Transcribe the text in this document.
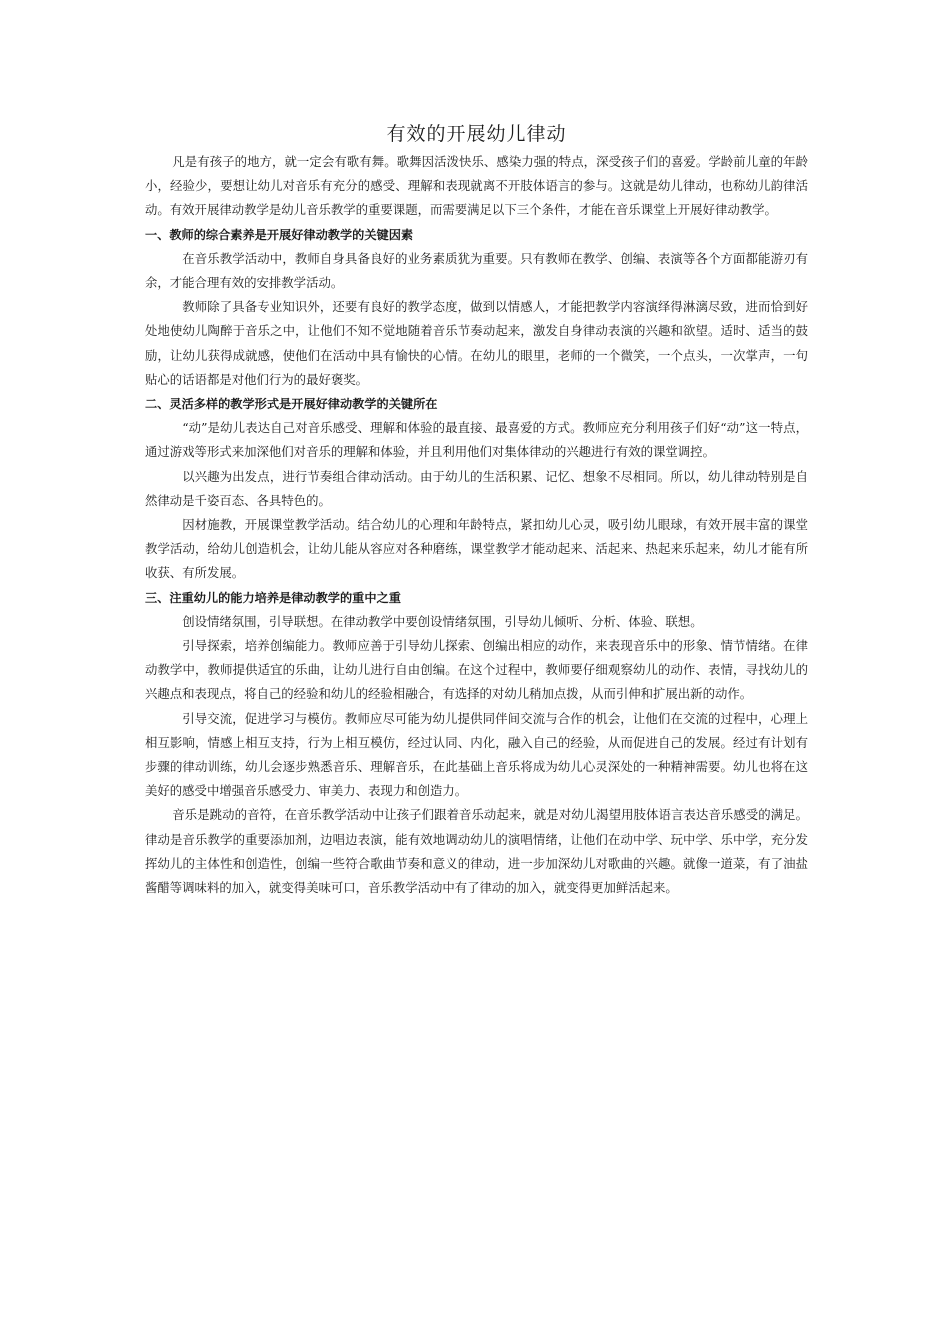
有效的开展幼儿律动

凡是有孩子的地方，就一定会有歌有舞。歌舞因活泼快乐、感染力强的特点，深受孩子们的喜爱。学龄前儿童的年龄小，经验少，要想让幼儿对音乐有充分的感受、理解和表现就离不开肢体语言的参与。这就是幼儿律动，也称幼儿韵律活动。有效开展律动教学是幼儿音乐教学的重要课题，而需要满足以下三个条件，才能在音乐课堂上开展好律动教学。

一、教师的综合素养是开展好律动教学的关键因素

在音乐教学活动中，教师自身具备良好的业务素质犹为重要。只有教师在教学、创编、表演等各个方面都能游刃有余，才能合理有效的安排教学活动。

教师除了具备专业知识外，还要有良好的教学态度，做到以情感人，才能把教学内容演绎得淋漓尽致，进而恰到好处地使幼儿陶醉于音乐之中，让他们不知不觉地随着音乐节奏动起来，激发自身律动表演的兴趣和欲望。适时、适当的鼓励，让幼儿获得成就感，使他们在活动中具有愉快的心情。在幼儿的眼里，老师的一个微笑，一个点头，一次掌声，一句贴心的话语都是对他们行为的最好褒奖。

二、灵活多样的教学形式是开展好律动教学的关键所在

“动”是幼儿表达自己对音乐感受、理解和体验的最直接、最喜爱的方式。教师应充分利用孩子们好“动”这一特点，通过游戏等形式来加深他们对音乐的理解和体验，并且利用他们对集体律动的兴趣进行有效的课堂调控。

以兴趣为出发点，进行节奏组合律动活动。由于幼儿的生活积累、记忆、想象不尽相同。所以，幼儿律动特别是自然律动是千姿百态、各具特色的。

因材施教，开展课堂教学活动。结合幼儿的心理和年龄特点，紧扣幼儿心灵，吸引幼儿眼球，有效开展丰富的课堂教学活动，给幼儿创造机会，让幼儿能从容应对各种磨练，课堂教学才能动起来、活起来、热起来乐起来，幼儿才能有所收获、有所发展。

三、注重幼儿的能力培养是律动教学的重中之重

创设情绪氛围，引导联想。在律动教学中要创设情绪氛围，引导幼儿倾听、分析、体验、联想。

引导探索，培养创编能力。教师应善于引导幼儿探索、创编出相应的动作，来表现音乐中的形象、情节情绪。在律动教学中，教师提供适宜的乐曲，让幼儿进行自由创编。在这个过程中，教师要仔细观察幼儿的动作、表情，寻找幼儿的兴趣点和表现点，将自己的经验和幼儿的经验相融合，有选择的对幼儿稍加点拨，从而引伸和扩展出新的动作。

引导交流，促进学习与模仿。教师应尽可能为幼儿提供同伴间交流与合作的机会，让他们在交流的过程中，心理上相互影响，情感上相互支持，行为上相互模仿，经过认同、内化，融入自己的经验，从而促进自己的发展。经过有计划有步骤的律动训练，幼儿会逐步熟悉音乐、理解音乐，在此基础上音乐将成为幼儿心灵深处的一种精神需要。幼儿也将在这美好的感受中增强音乐感受力、审美力、表现力和创造力。

音乐是跳动的音符，在音乐教学活动中让孩子们跟着音乐动起来，就是对幼儿渴望用肢体语言表达音乐感受的满足。律动是音乐教学的重要添加剂，边唱边表演，能有效地调动幼儿的演唱情绪，让他们在动中学、玩中学、乐中学，充分发挥幼儿的主体性和创造性，创编一些符合歌曲节奏和意义的律动，进一步加深幼儿对歌曲的兴趣。就像一道菜，有了油盐酱醋等调味料的加入，就变得美味可口，音乐教学活动中有了律动的加入，就变得更加鲜活起来。
